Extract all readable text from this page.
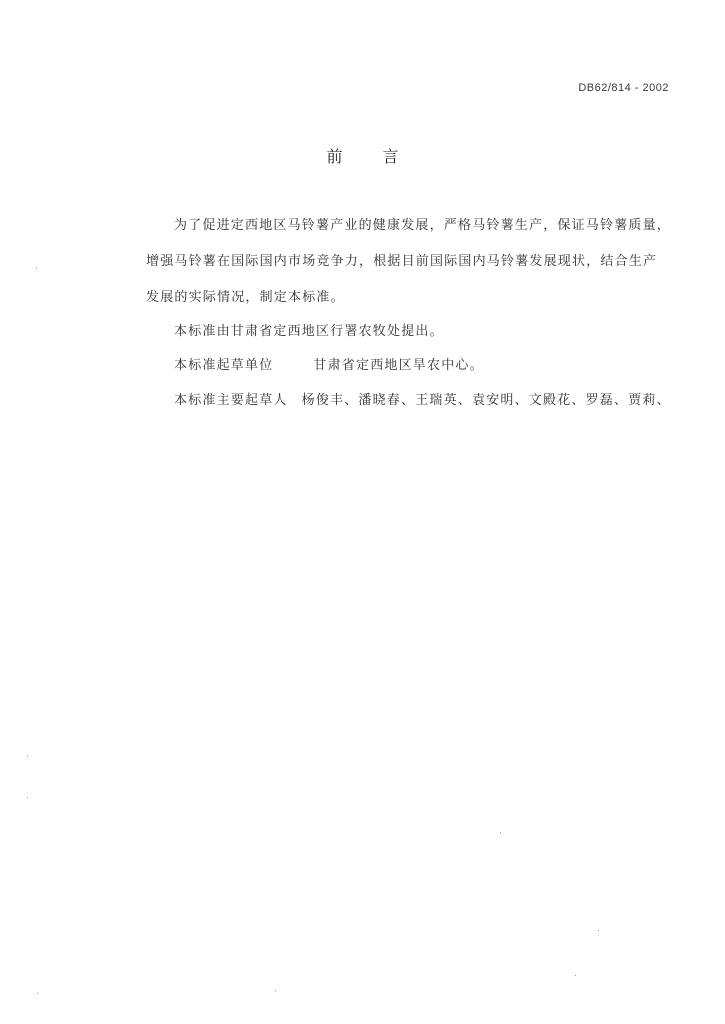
DB62/814 - 2002
前	言
为了促进定西地区马铃薯产业的健康发展，严格马铃薯生产，保证马铃薯质量，
增强马铃薯在国际国内市场竞争力，根据目前国际国内马铃薯发展现状，结合生产
发展的实际情况，制定本标准。
本标准由甘肃省定西地区行署农牧处提出。
本标准起草单位	甘肃省定西地区旱农中心。
本标准主要起草人 杨俊丰、潘晓春、王瑞英、袁安明、文殿花、罗磊、贾莉、
